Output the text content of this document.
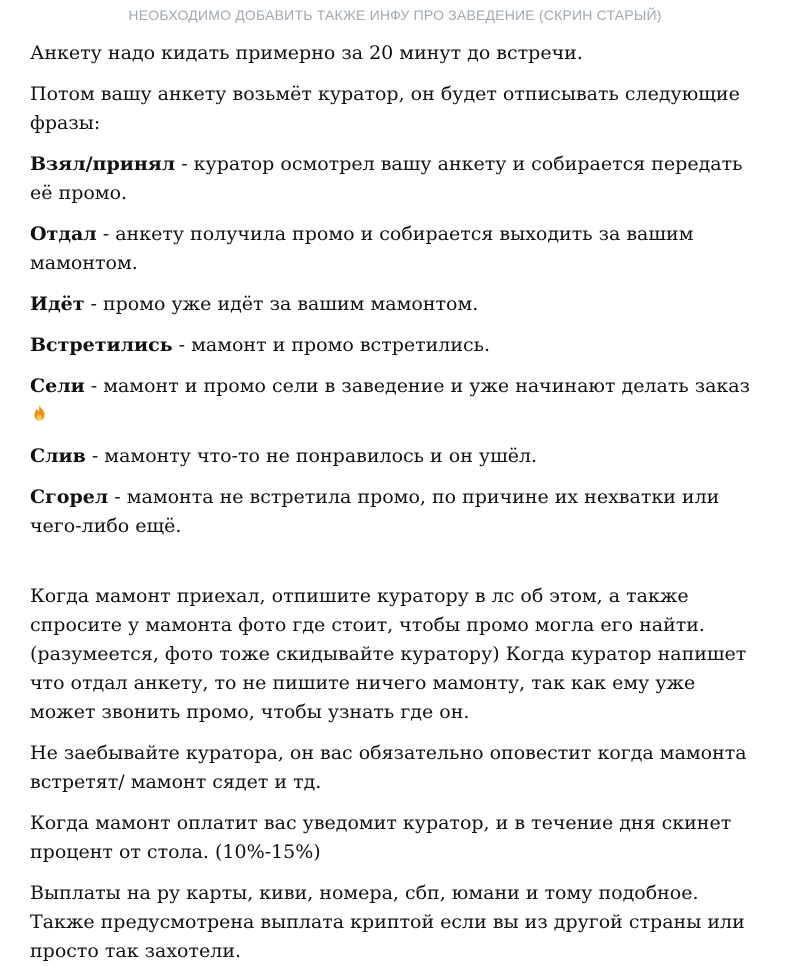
НЕОБХОДИМО ДОБАВИТЬ ТАКЖЕ ИНФУ ПРО ЗАВЕДЕНИЕ (СКРИН СТАРЫЙ)

Анкету надо кидать примерно за 20 минут до встречи.

Потом вашу анкету возьмёт куратор, он будет отписывать следующие фразы:

Взял/принял - куратор осмотрел вашу анкету и собирается передать её промо.

Отдал - анкету получила промо и собирается выходить за вашим мамонтом.

Идёт - промо уже идёт за вашим мамонтом.

Встретились - мамонт и промо встретились.

Сели - мамонт и промо сели в заведение и уже начинают делать заказ

Слив - мамонту что-то не понравилось и он ушёл.

Сгорел - мамонта не встретила промо, по причине их нехватки или чего-либо ещё.

Когда мамонт приехал, отпишите куратору в лс об этом, а также спросите у мамонта фото где стоит, чтобы промо могла его найти. (разумеется, фото тоже скидывайте куратору) Когда куратор напишет что отдал анкету, то не пишите ничего мамонту, так как ему уже может звонить промо, чтобы узнать где он.

Не заебывайте куратора, он вас обязательно оповестит когда мамонта встретят/ мамонт сядет и тд.

Когда мамонт оплатит вас уведомит куратор, и в течение дня скинет процент от стола. (10%-15%)

Выплаты на ру карты, киви, номера, сбп, юмани и тому подобное. Также предусмотрена выплата криптой если вы из другой страны или просто так захотели.
